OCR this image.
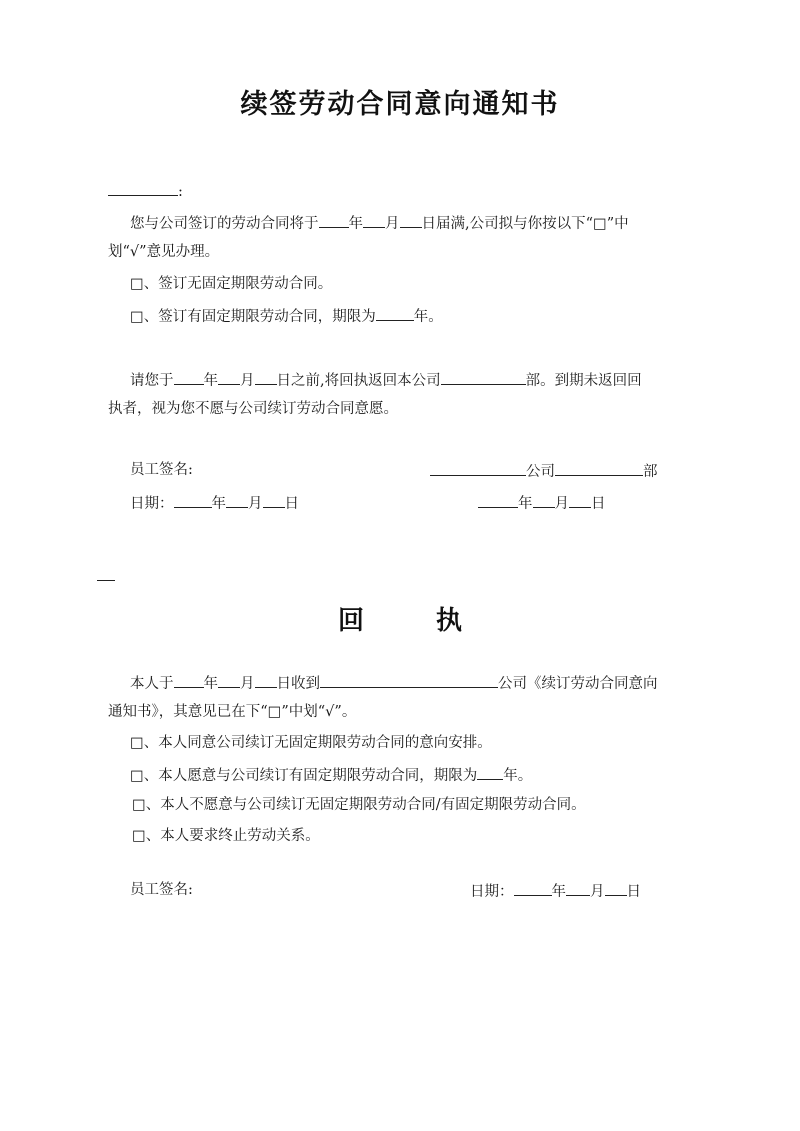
续签劳动合同意向通知书
:
您与公司签订的劳动合同将于 年 月 日届满,公司拟与你按以下“□”中
划“√”意见办理。
□、签订无固定期限劳动合同。
□、签订有固定期限劳动合同，期限为	年。
请您于 年 月 日之前,将回执返回本公司	部。到期未返回回
执者，视为您不愿与公司续订劳动合同意愿。
员工签名:	公司	部
日期：	年 月 日	年 月 日
回	执
本人于 年 月 日收到	公司《续订劳动合同意向
通知书》，其意见已在下“□”中划“√”。
□、本人同意公司续订无固定期限劳动合同的意向安排。
□、本人愿意与公司续订有固定期限劳动合同，期限为 年。
□、本人不愿意与公司续订无固定期限劳动合同/有固定期限劳动合同。
□、本人要求终止劳动关系。
员工签名:	日期：	年 月 日
